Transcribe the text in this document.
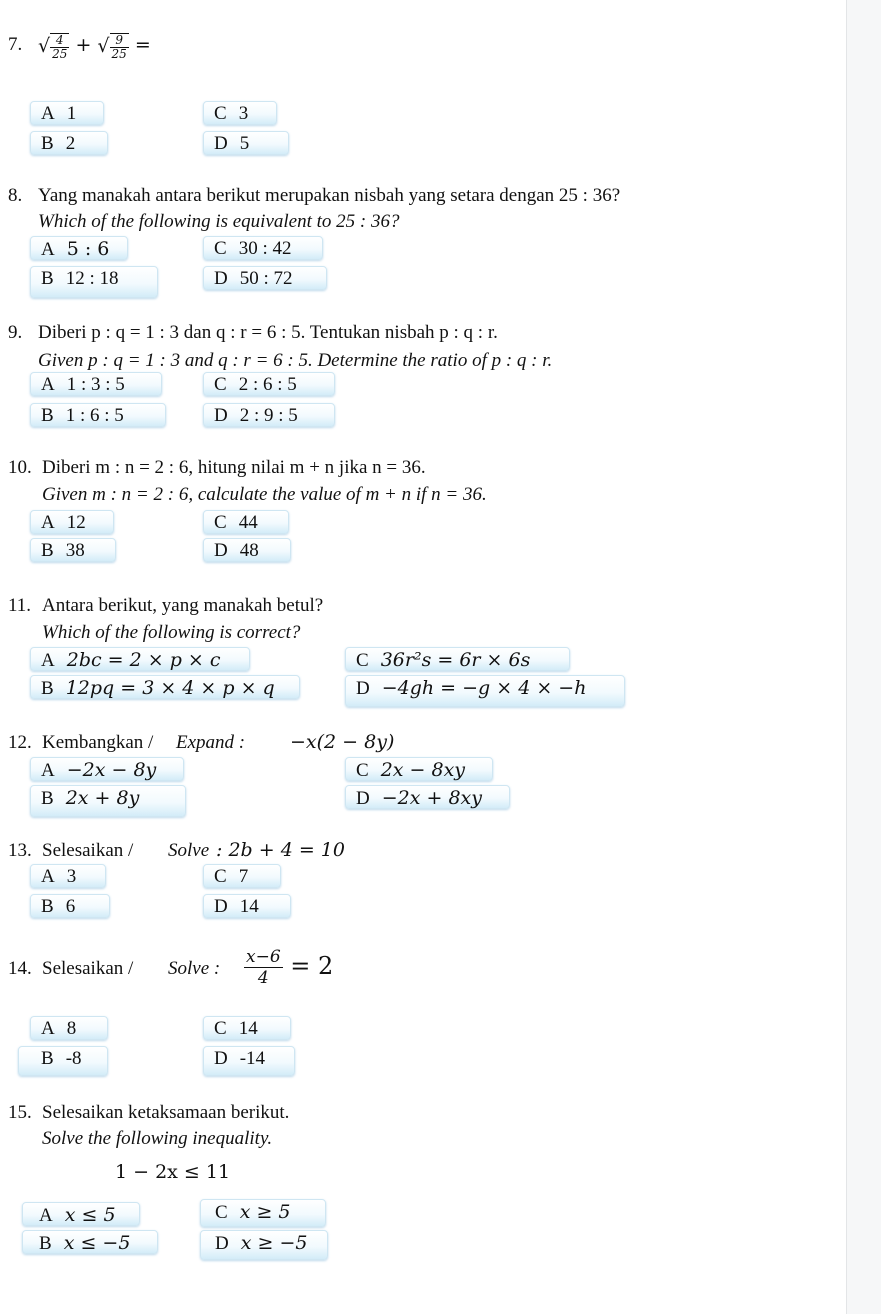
7. √ $\frac{4}{25}$ + √ $\frac{9}{25}$ =
A 1
B 2
C 3
D 5
8. Yang manakah antara berikut merupakan nisbah yang setara dengan 25 : 36?
Which of the following is equivalent to 25 : 36?
A 5 : 6
B 12 : 18
C 30 : 42
D 50 : 72
9. Diberi p : q = 1 : 3 dan q : r = 6 : 5. Tentukan nisbah p : q : r.
Given p : q = 1 : 3 and q : r = 6 : 5. Determine the ratio of p : q : r.
A 1 : 3 : 5
B 1 : 6 : 5
C 2 : 6 : 5
D 2 : 9 : 5
10. Diberi m : n = 2 : 6, hitung nilai m + n jika n = 36.
Given m : n = 2 : 6, calculate the value of m + n if n = 36.
A 12
B 38
C 44
D 48
11. Antara berikut, yang manakah betul?
Which of the following is correct?
A 2bc = 2 × p × c
B 12pq = 3 × 4 × p × q
C 36r²s = 6r × 6s
D −4gh = −g × 4 × −h
12. Kembangkan / Expand : −x(2 − 8y)
A −2x − 8y
B 2x + 8y
C 2x − 8xy
D −2x + 8xy
13. Selesaikan / Solve : 2b + 4 = 10
A 3
B 6
C 7
D 14
14. Selesaikan / Solve : $\frac{x-6}{4} = 2$
A 8
B -8
C 14
D -14
15. Selesaikan ketaksamaan berikut.
Solve the following inequality.
1 − 2x ≤ 11
A x ≤ 5
B x ≤ −5
C x ≥ 5
D x ≥ −5
